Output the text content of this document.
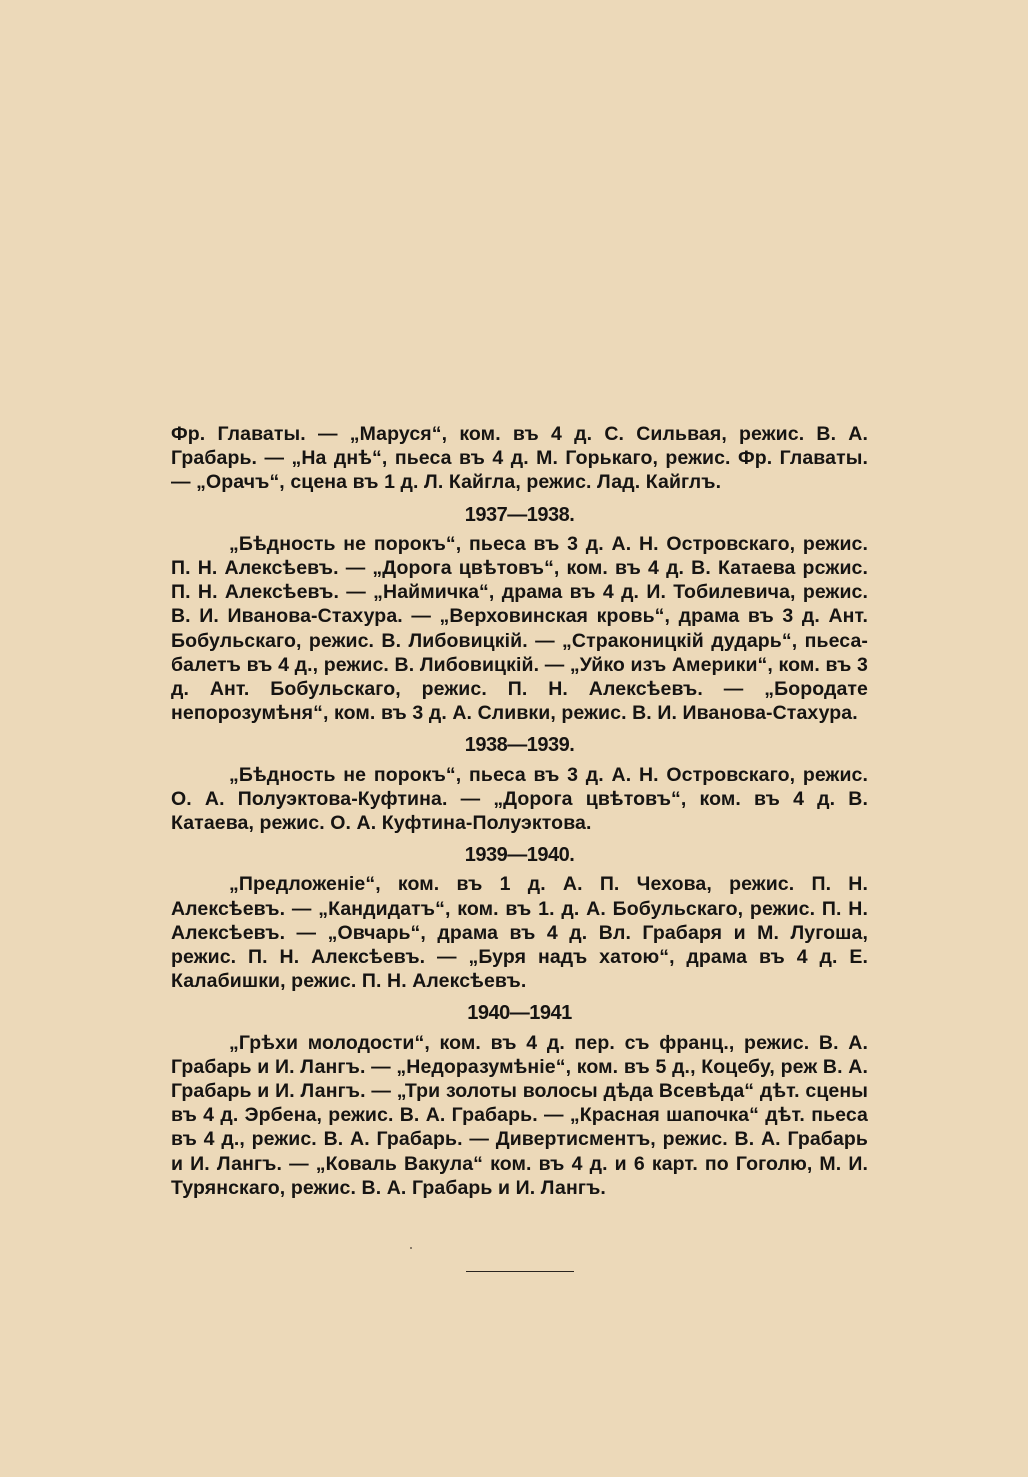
Фр. Главаты. — „Маруся“, ком. въ 4 д. С. Сильвая, режис. В. А. Грабарь. — „На днѣ“, пьеса въ 4 д. М. Горькаго, режис. Фр. Главаты. — „Орачъ“, сцена въ 1 д. Л. Кайгла, режис. Лад. Кайглъ.

1937—1938.

„Бѣдность не порокъ“, пьеса въ 3 д. А. Н. Островскаго, режис. П. Н. Алексѣевъ. — „Дорога цвѣтовъ“, ком. въ 4 д. В. Катаева рсжис. П. Н. Алексѣевъ. — „Наймичка“, драма въ 4 д. И. Тобилевича, режис. В. И. Иванова-Стахура. — „Верховинская кровь“, драма въ 3 д. Ант. Бобульскаго, режис. В. Либовицкій. — „Страконицкій дударь“, пьеса-балетъ въ 4 д., режис. В. Либовицкій. — „Уйко изъ Америки“, ком. въ 3 д. Ант. Бобульскаго, режис. П. Н. Алексѣевъ. — „Бородате непорозумѣня“, ком. въ 3 д. А. Сливки, режис. В. И. Иванова-Стахура.

1938—1939.

„Бѣдность не порокъ“, пьеса въ 3 д. А. Н. Островскаго, режис. О. А. Полуэктова-Куфтина. — „Дорога цвѣтовъ“, ком. въ 4 д. В. Катаева, режис. О. А. Куфтина-Полуэктова.

1939—1940.

„Предложеніе“, ком. въ 1 д. А. П. Чехова, режис. П. Н. Алексѣевъ. — „Кандидатъ“, ком. въ 1. д. А. Бобульскаго, режис. П. Н. Алексѣевъ. — „Овчарь“, драма въ 4 д. Вл. Грабаря и М. Лугоша, режис. П. Н. Алексѣевъ. — „Буря надъ хатою“, драма въ 4 д. Е. Калабишки, режис. П. Н. Алексѣевъ.

1940—1941

„Грѣхи молодости“, ком. въ 4 д. пер. съ франц., режис. В. А. Грабарь и И. Лангъ. — „Недоразумѣніе“, ком. въ 5 д., Коцебу, реж В. А. Грабарь и И. Лангъ. — „Три золоты волосы дѣда Всевѣда“ дѣт. сцены въ 4 д. Эрбена, режис. В. А. Грабарь. — „Красная шапочка“ дѣт. пьеса въ 4 д., режис. В. А. Грабарь. — Дивертисментъ, режис. В. А. Грабарь и И. Лангъ. — „Коваль Вакула“ ком. въ 4 д. и 6 карт. по Гоголю, М. И. Турянскаго, режис. В. А. Грабарь и И. Лангъ.
